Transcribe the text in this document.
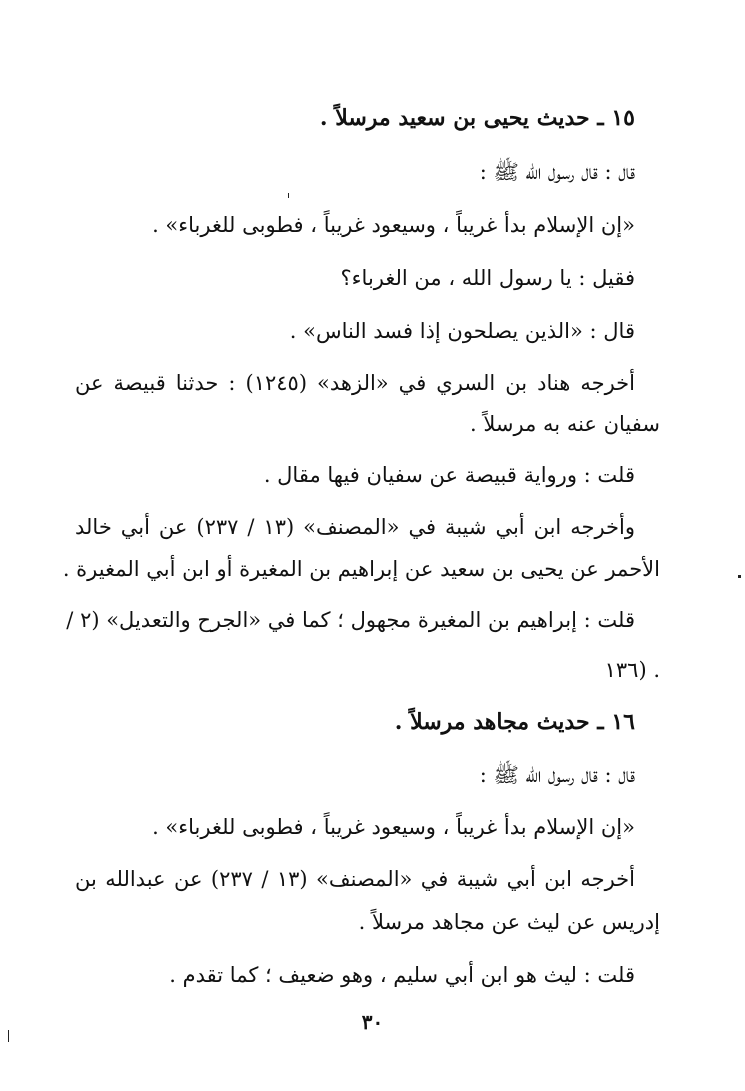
١٥ ـ حديث يحيى بن سعيد مرسلاً .
قال : قال رسول الله ﷺ :
«إن الإسلام بدأ غريباً ، وسيعود غريباً ، فطوبى للغرباء» .
فقيل : يا رسول الله ، من الغرباء؟
قال : «الذين يصلحون إذا فسد الناس» .
أخرجه هناد بن السري في «الزهد» (١٢٤٥) : حدثنا قبيصة عن
سفيان عنه به مرسلاً .
قلت : ورواية قبيصة عن سفيان فيها مقال .
وأخرجه ابن أبي شيبة في «المصنف» (١٣ / ٢٣٧) عن أبي خالد
الأحمر عن يحيى بن سعيد عن إبراهيم بن المغيرة أو ابن أبي المغيرة .
قلت : إبراهيم بن المغيرة مجهول ؛ كما في «الجرح والتعديل» (٢ /
١٣٦) .
١٦ ـ حديث مجاهد مرسلاً .
قال : قال رسول الله ﷺ :
«إن الإسلام بدأ غريباً ، وسيعود غريباً ، فطوبى للغرباء» .
أخرجه ابن أبي شيبة في «المصنف» (١٣ / ٢٣٧) عن عبدالله بن
إدريس عن ليث عن مجاهد مرسلاً .
قلت : ليث هو ابن أبي سليم ، وهو ضعيف ؛ كما تقدم .
٣٠
